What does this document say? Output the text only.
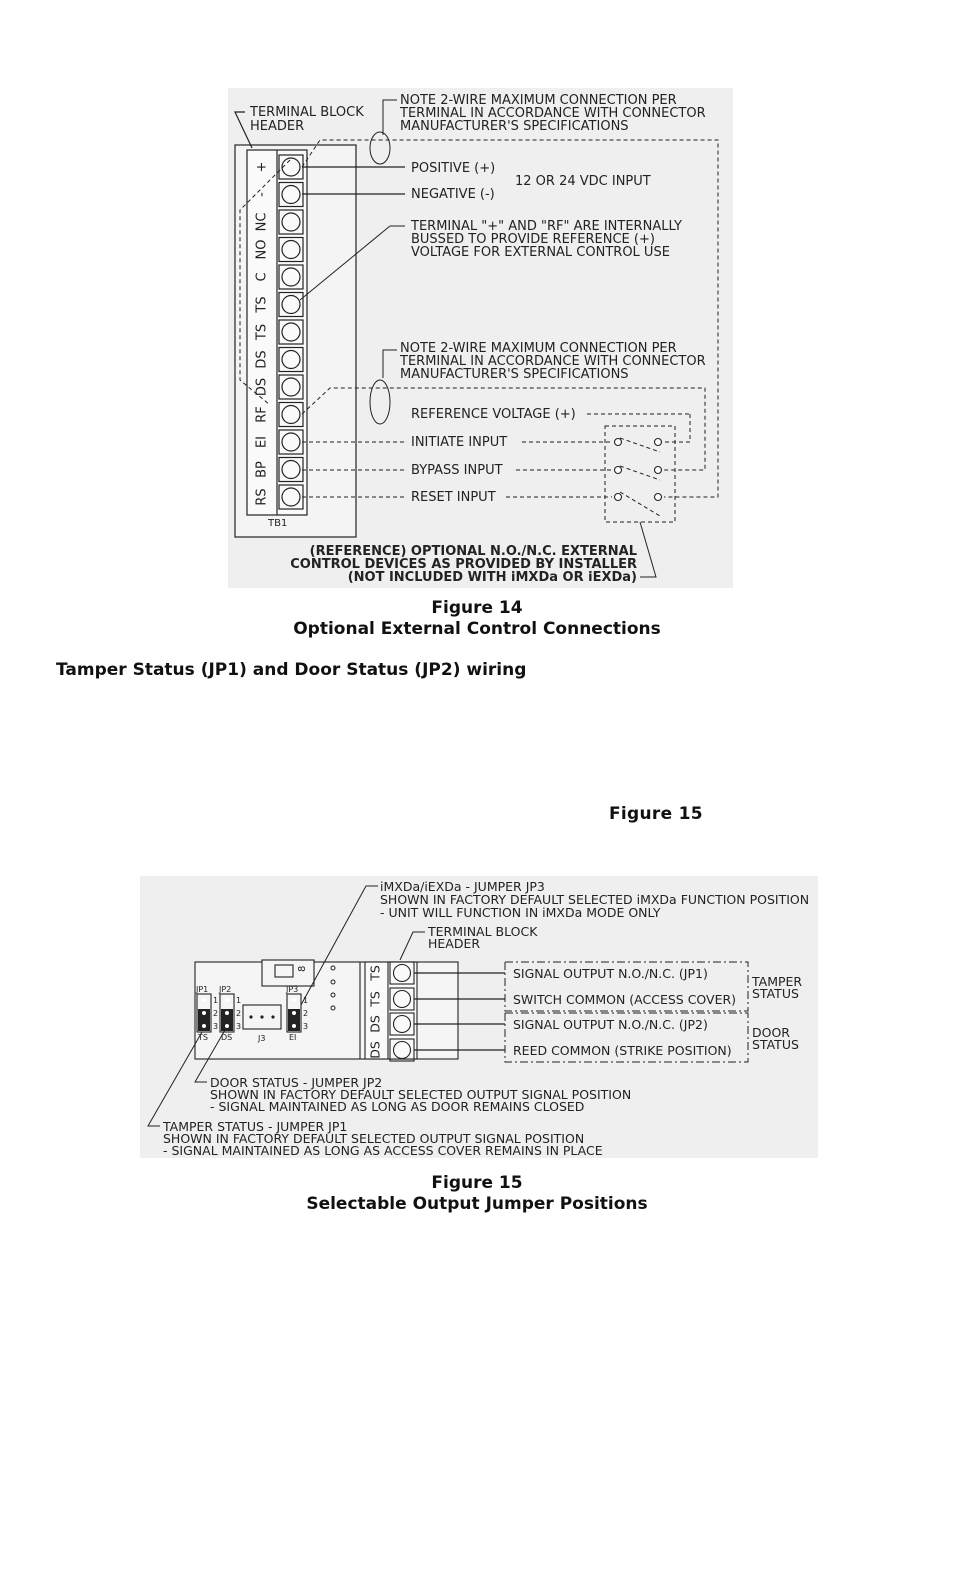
+
-
NC
NO
C
TS
TS
DS
DS
RF
EI
BP
RS
TERMINAL BLOCK
HEADER
NOTE 2-WIRE MAXIMUM CONNECTION PER
TERMINAL IN ACCORDANCE WITH CONNECTOR
MANUFACTURER'S SPECIFICATIONS
POSITIVE (+)
NEGATIVE (-)
12 OR 24 VDC INPUT
TERMINAL "+" AND "RF" ARE INTERNALLY
BUSSED TO PROVIDE REFERENCE (+)
VOLTAGE FOR EXTERNAL CONTROL USE
NOTE 2-WIRE MAXIMUM CONNECTION PER
TERMINAL IN ACCORDANCE WITH CONNECTOR
MANUFACTURER'S SPECIFICATIONS
REFERENCE VOLTAGE (+)
INITIATE INPUT
BYPASS INPUT
RESET INPUT
TB1
(REFERENCE) OPTIONAL N.O./N.C. EXTERNAL
CONTROL DEVICES AS PROVIDED BY INSTALLER
(NOT INCLUDED WITH iMXDa OR iEXDa)
Figure 14
Optional External Control Connections
Tamper Status (JP1) and Door Status (JP2) wiring
Figure 15
iMXDa/iEXDa - JUMPER JP3
SHOWN IN FACTORY DEFAULT SELECTED iMXDa FUNCTION POSITION
- UNIT WILL FUNCTION IN iMXDa MODE ONLY
TERMINAL BLOCK
HEADER
SIGNAL OUTPUT N.O./N.C. (JP1)
SWITCH COMMON (ACCESS COVER)
SIGNAL OUTPUT N.O./N.C. (JP2)
REED COMMON (STRIKE POSITION)
TAMPER
STATUS
DOOR
STATUS
DOOR STATUS - JUMPER JP2
SHOWN IN FACTORY DEFAULT SELECTED OUTPUT SIGNAL POSITION
- SIGNAL MAINTAINED AS LONG AS DOOR REMAINS CLOSED
TAMPER STATUS - JUMPER JP1
SHOWN IN FACTORY DEFAULT SELECTED OUTPUT SIGNAL POSITION
- SIGNAL MAINTAINED AS LONG AS ACCESS COVER REMAINS IN PLACE
JP1 JP2	JP3
TS DS	EI
1
2
3
1
2
3
1
2
3
J3
8	TS
TS
DS
DS
Figure 15
Selectable Output Jumper Positions
